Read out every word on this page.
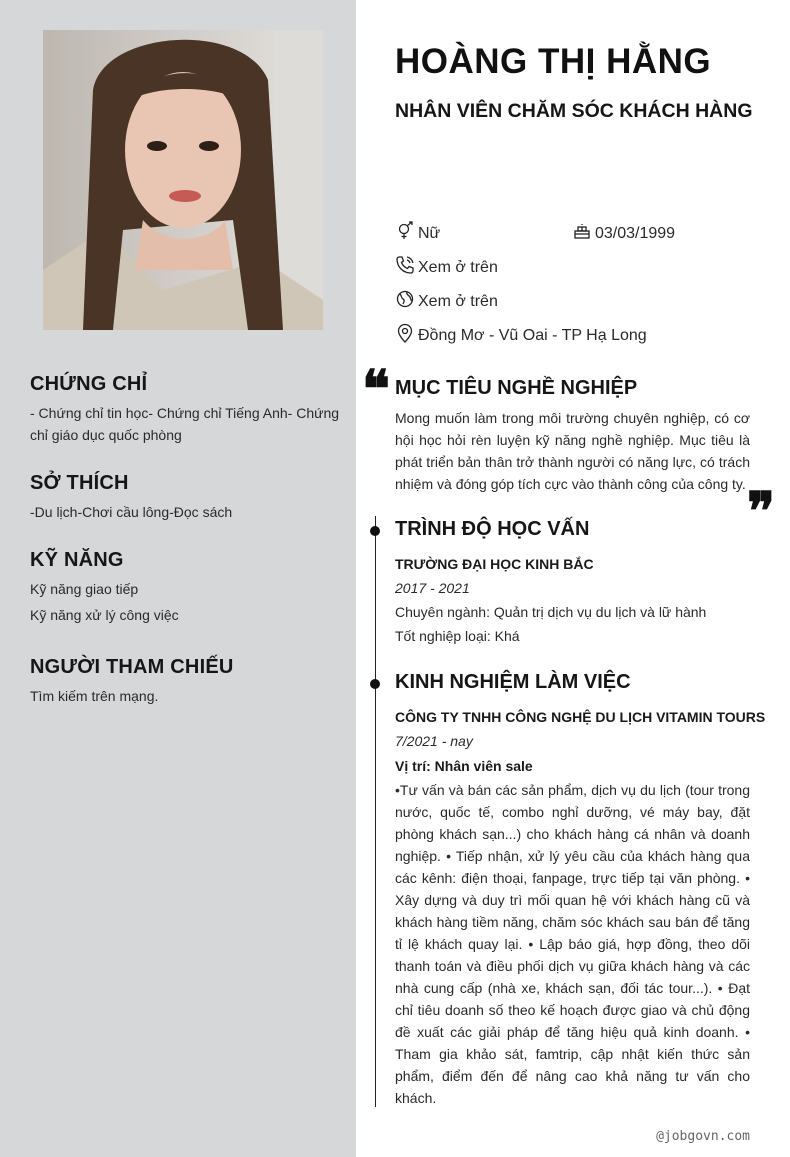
CHỨNG CHỈ
- Chứng chỉ tin học- Chứng chỉ Tiếng Anh- Chứng chỉ giáo dục quốc phòng
SỞ THÍCH
-Du lịch-Chơi cầu lông-Đọc sách
KỸ NĂNG
Kỹ năng giao tiếp
Kỹ năng xử lý công việc
NGƯỜI THAM CHIẾU
Tìm kiếm trên mạng.
HOÀNG THỊ HẰNG
NHÂN VIÊN CHĂM SÓC KHÁCH HÀNG
Nữ	03/03/1999
Xem ở trên
Xem ở trên
Đồng Mơ - Vũ Oai - TP Hạ Long
❝ MỤC TIÊU NGHỀ NGHIỆP
Mong muốn làm trong môi trường chuyên nghiệp, có cơ hội học hỏi rèn luyện kỹ năng nghề nghiệp. Mục tiêu là phát triển bản thân trở thành người có năng lực, có trách nhiệm và đóng góp tích cực vào thành công của công ty. ❞
TRÌNH ĐỘ HỌC VẤN
TRƯỜNG ĐẠI HỌC KINH BẮC
2017 - 2021
Chuyên ngành: Quản trị dịch vụ du lịch và lữ hành
Tốt nghiệp loại: Khá
KINH NGHIỆM LÀM VIỆC
CÔNG TY TNHH CÔNG NGHỆ DU LỊCH VITAMIN TOURS
7/2021 - nay
Vị trí: Nhân viên sale
•Tư vấn và bán các sản phẩm, dịch vụ du lịch (tour trong nước, quốc tế, combo nghỉ dưỡng, vé máy bay, đặt phòng khách sạn...) cho khách hàng cá nhân và doanh nghiệp. • Tiếp nhận, xử lý yêu cầu của khách hàng qua các kênh: điện thoại, fanpage, trực tiếp tại văn phòng. • Xây dựng và duy trì mối quan hệ với khách hàng cũ và khách hàng tiềm năng, chăm sóc khách sau bán để tăng tỉ lệ khách quay lại. • Lập báo giá, hợp đồng, theo dõi thanh toán và điều phối dịch vụ giữa khách hàng và các nhà cung cấp (nhà xe, khách sạn, đối tác tour...). • Đạt chỉ tiêu doanh số theo kế hoạch được giao và chủ động đề xuất các giải pháp để tăng hiệu quả kinh doanh. • Tham gia khảo sát, famtrip, cập nhật kiến thức sản phẩm, điểm đến để nâng cao khả năng tư vấn cho khách.
@jobgovn.com
